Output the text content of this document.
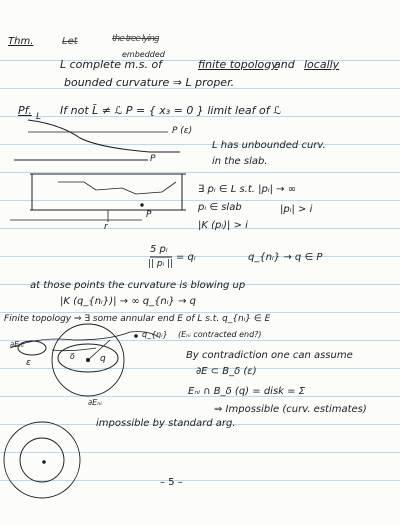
Thm.	Let	the tree lying
embedded
L complete m.s. of	finite topology
and locally
bounded curvature ⇒ L proper.
Pf.	If not L̄ ≠ ℒ P = { x₃ = 0 } limit leaf of ℒ
L
P (ε)
P
r
P
L has unbounded curv.
in the slab.
∃ pᵢ ∈ L s.t. |pᵢ| → ∞
pᵢ ∈ slab	|pᵢ| > i
|K (pᵢ)| > i
5 pᵢ
|| pᵢ ||
= qᵢ	q_{nᵢ} → q ∈ P
at those points the curvature is blowing up
|K (q_{nᵢ})| → ∞ q_{nᵢ} → q
Finite topology ⇒ ∃ some annular end E of L s.t. q_{nᵢ} ∈ E
(Eₙᵢ contracted end?)
∂Eₙᵢ
ε	q
δ
q_{nᵢ}
By contradiction one can assume
∂E ⊂ B_δ (ε)
Eₙᵢ ∩ B_δ (q) = disk = Σ
⇒ Impossible (curv. estimates)
∂Eₙᵢ
impossible by standard arg.
– 5 –
